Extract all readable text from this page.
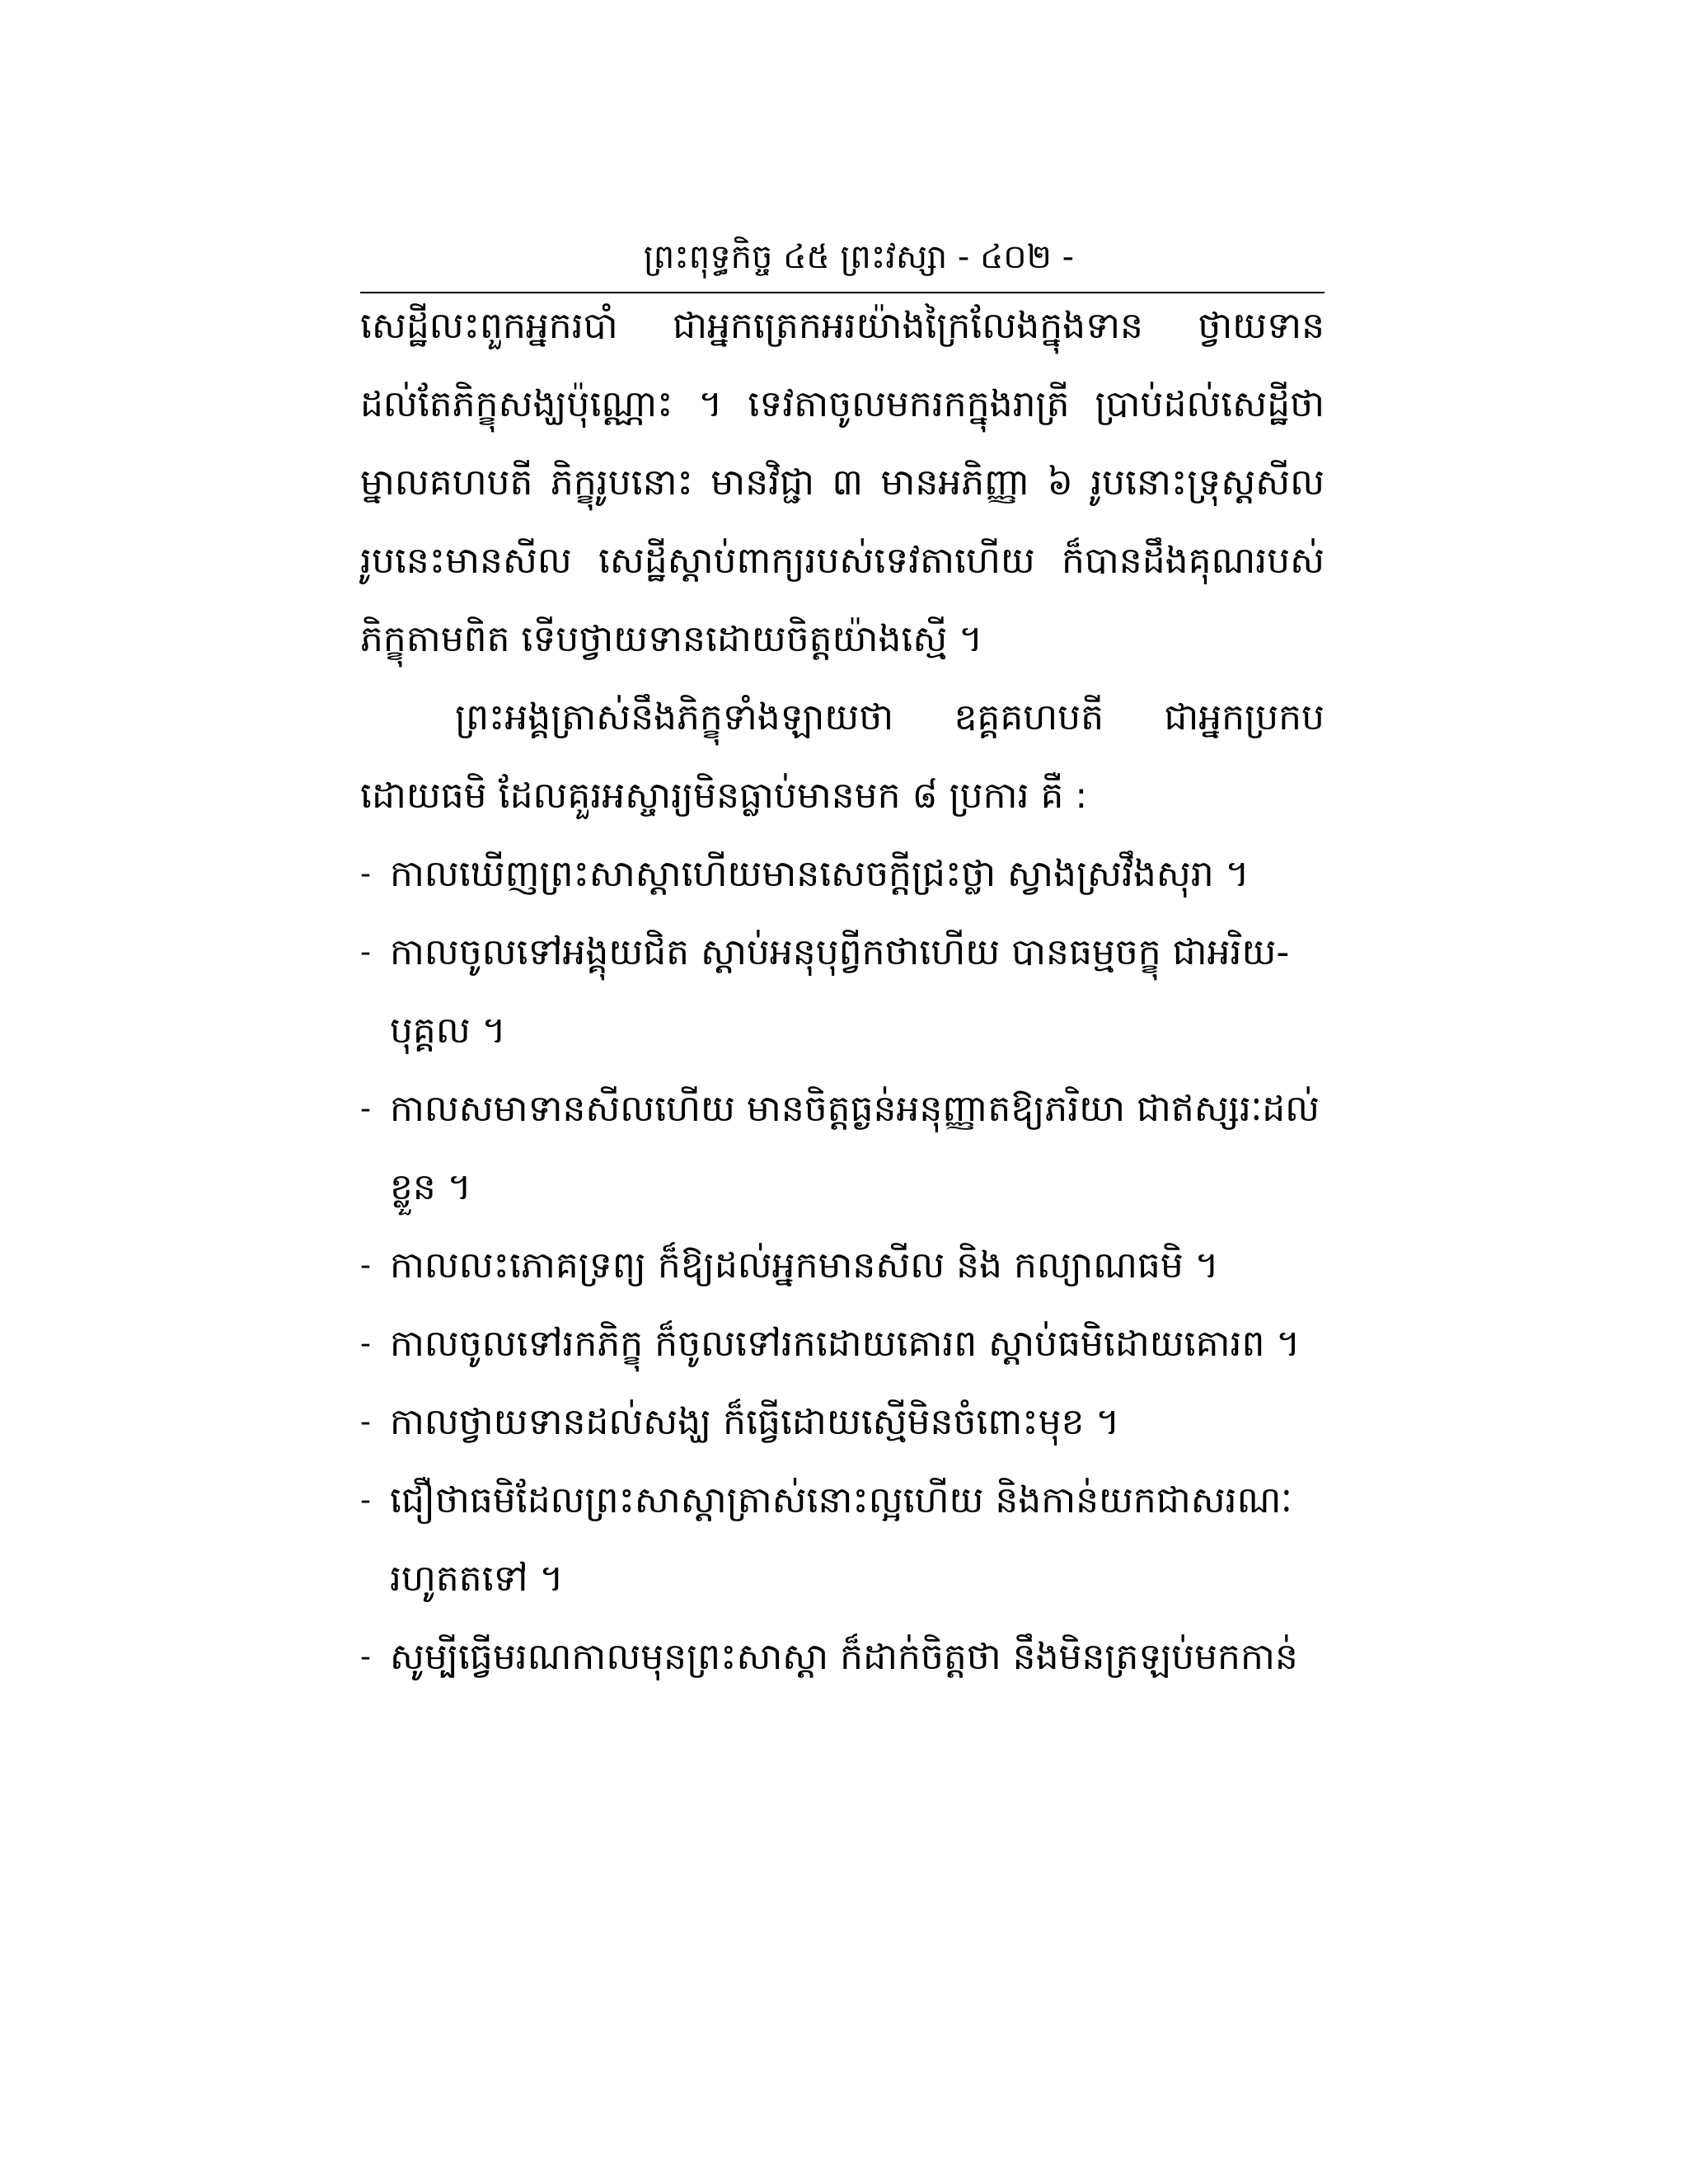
ព្រះពុទ្ធកិច្ច ៤៥ ព្រះវស្សា - ៤០២ -

សេដ្ឋីលះពួកអ្នករបាំ ជាអ្នកត្រេកអរយ៉ាងក្រៃលែងក្នុងទាន ថ្វាយទានដល់តែភិក្ខុសង្ឃប៉ុណ្ណោះ ។ ទេវតាចូលមករកក្នុងរាត្រី ប្រាប់ដល់សេដ្ឋីថា ម្នាលគហបតី ភិក្ខុរូបនោះ មានវិជ្ជា ៣ មានអភិញ្ញា ៦ រូបនោះទ្រុស្តសីល រូបនេះមានសីល សេដ្ឋីស្តាប់ពាក្យរបស់ទេវតាហើយ ក៏បានដឹងគុណរបស់ភិក្ខុតាមពិត ទើបថ្វាយទានដោយចិត្តយ៉ាងស្មើ ។

ព្រះអង្គត្រាស់នឹងភិក្ខុទាំងឡាយថា ឧគ្គគហបតី ជាអ្នកប្រកបដោយធមិ ដែលគួរអស្ចារ្យមិនធ្លាប់មានមក ៨ ប្រការ គឺ :

- កាលឃើញព្រះសាស្តាហើយមានសេចក្តីជ្រះថ្លា ស្វាងស្រវឹងសុរា ។
- កាលចូលទៅអង្គុយជិត ស្តាប់អនុបុព្វីកថាហើយ បានធម្មចក្ខុ ជាអរិយ-បុគ្គល ។
- កាលសមាទានសីលហើយ មានចិត្តធ្ងន់អនុញ្ញាតឱ្យភរិយា ជាឥស្សរៈដល់ខ្លួន ។
- កាលលះភោគទ្រព្យ ក៏ឱ្យដល់អ្នកមានសីល និង កល្យាណធមិ ។
- កាលចូលទៅរកភិក្ខុ ក៏ចូលទៅរកដោយគោរព ស្តាប់ធមិដោយគោរព ។
- កាលថ្វាយទានដល់សង្ឃ ក៏ធ្វើដោយស្មើមិនចំពោះមុខ ។
- ជឿថាធមិដែលព្រះសាស្តាត្រាស់នោះល្អហើយ និងកាន់យកជាសរណៈ រហូតតទៅ ។
- សូម្បីធ្វើមរណកាលមុនព្រះសាស្តា ក៏ដាក់ចិត្តថា នឹងមិនត្រឡប់មកកាន់
